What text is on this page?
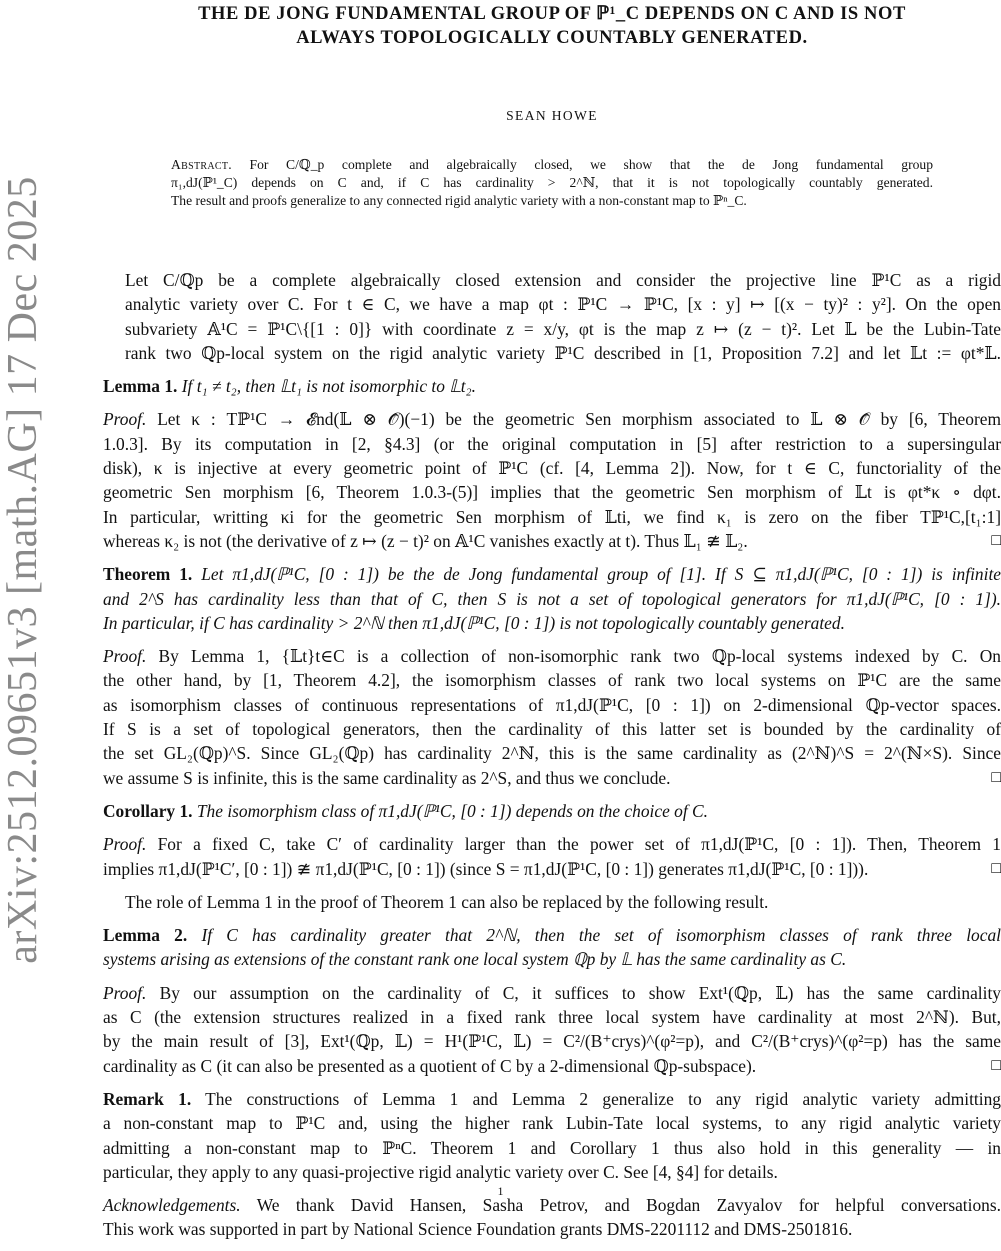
arXiv:2512.09651v3 [math.AG] 17 Dec 2025
THE DE JONG FUNDAMENTAL GROUP OF ℙ¹_C DEPENDS ON C AND IS NOT
ALWAYS TOPOLOGICALLY COUNTABLY GENERATED.
SEAN HOWE
Abstract. For C/ℚ_p complete and algebraically closed, we show that the de Jong fundamental group
π₁,dJ(ℙ¹_C) depends on C and, if C has cardinality > 2^ℕ, that it is not topologically countably generated.
The result and proofs generalize to any connected rigid analytic variety with a non-constant map to ℙⁿ_C.
Let C/ℚp be a complete algebraically closed extension and consider the projective line ℙ¹C as a rigid
analytic variety over C. For t ∈ C, we have a map φt : ℙ¹C → ℙ¹C, [x : y] ↦ [(x − ty)² : y²]. On the open
subvariety 𝔸¹C = ℙ¹C\{[1 : 0]} with coordinate z = x/y, φt is the map z ↦ (z − t)². Let 𝕃 be the Lubin-Tate
rank two ℚp-local system on the rigid analytic variety ℙ¹C described in [1, Proposition 7.2] and let 𝕃t := φt*𝕃.
Lemma 1. If t₁ ≠ t₂, then 𝕃t₁ is not isomorphic to 𝕃t₂.
Proof. Let κ : Tℙ¹C → 𝓔nd(𝕃 ⊗ 𝒪̂)(−1) be the geometric Sen morphism associated to 𝕃 ⊗ 𝒪̂ by [6, Theorem
1.0.3]. By its computation in [2, §4.3] (or the original computation in [5] after restriction to a supersingular
disk), κ is injective at every geometric point of ℙ¹C (cf. [4, Lemma 2]). Now, for t ∈ C, functoriality of the
geometric Sen morphism [6, Theorem 1.0.3-(5)] implies that the geometric Sen morphism of 𝕃t is φt*κ ∘ dφt.
In particular, writting κi for the geometric Sen morphism of 𝕃ti, we find κ₁ is zero on the fiber Tℙ¹C,[t₁:1]
whereas κ₂ is not (the derivative of z ↦ (z − t)² on 𝔸¹C vanishes exactly at t). Thus 𝕃₁ ≇ 𝕃₂.	□
Theorem 1. Let π1,dJ(ℙ¹C, [0 : 1]) be the de Jong fundamental group of [1]. If S ⊆ π1,dJ(ℙ¹C, [0 : 1]) is infinite
and 2^S has cardinality less than that of C, then S is not a set of topological generators for π1,dJ(ℙ¹C, [0 : 1]).
In particular, if C has cardinality > 2^ℕ then π1,dJ(ℙ¹C, [0 : 1]) is not topologically countably generated.
Proof. By Lemma 1, {𝕃t}t∈C is a collection of non-isomorphic rank two ℚp-local systems indexed by C. On
the other hand, by [1, Theorem 4.2], the isomorphism classes of rank two local systems on ℙ¹C are the same
as isomorphism classes of continuous representations of π1,dJ(ℙ¹C, [0 : 1]) on 2-dimensional ℚp-vector spaces.
If S is a set of topological generators, then the cardinality of this latter set is bounded by the cardinality of
the set GL₂(ℚp)^S. Since GL₂(ℚp) has cardinality 2^ℕ, this is the same cardinality as (2^ℕ)^S = 2^(ℕ×S). Since
we assume S is infinite, this is the same cardinality as 2^S, and thus we conclude.	□
Corollary 1. The isomorphism class of π1,dJ(ℙ¹C, [0 : 1]) depends on the choice of C.
Proof. For a fixed C, take C′ of cardinality larger than the power set of π1,dJ(ℙ¹C, [0 : 1]). Then, Theorem 1
implies π1,dJ(ℙ¹C′, [0 : 1]) ≇ π1,dJ(ℙ¹C, [0 : 1]) (since S = π1,dJ(ℙ¹C, [0 : 1]) generates π1,dJ(ℙ¹C, [0 : 1])).	□
The role of Lemma 1 in the proof of Theorem 1 can also be replaced by the following result.
Lemma 2. If C has cardinality greater that 2^ℕ, then the set of isomorphism classes of rank three local
systems arising as extensions of the constant rank one local system ℚp by 𝕃 has the same cardinality as C.
Proof. By our assumption on the cardinality of C, it suffices to show Ext¹(ℚp, 𝕃) has the same cardinality
as C (the extension structures realized in a fixed rank three local system have cardinality at most 2^ℕ). But,
by the main result of [3], Ext¹(ℚp, 𝕃) = H¹(ℙ¹C, 𝕃) = C²/(B⁺crys)^(φ²=p), and C²/(B⁺crys)^(φ²=p) has the same
cardinality as C (it can also be presented as a quotient of C by a 2-dimensional ℚp-subspace).	□
Remark 1. The constructions of Lemma 1 and Lemma 2 generalize to any rigid analytic variety admitting
a non-constant map to ℙ¹C and, using the higher rank Lubin-Tate local systems, to any rigid analytic variety
admitting a non-constant map to ℙⁿC. Theorem 1 and Corollary 1 thus also hold in this generality — in
particular, they apply to any quasi-projective rigid analytic variety over C. See [4, §4] for details.
Acknowledgements. We thank David Hansen, Sasha Petrov, and Bogdan Zavyalov for helpful conversations.
This work was supported in part by National Science Foundation grants DMS-2201112 and DMS-2501816.
1
